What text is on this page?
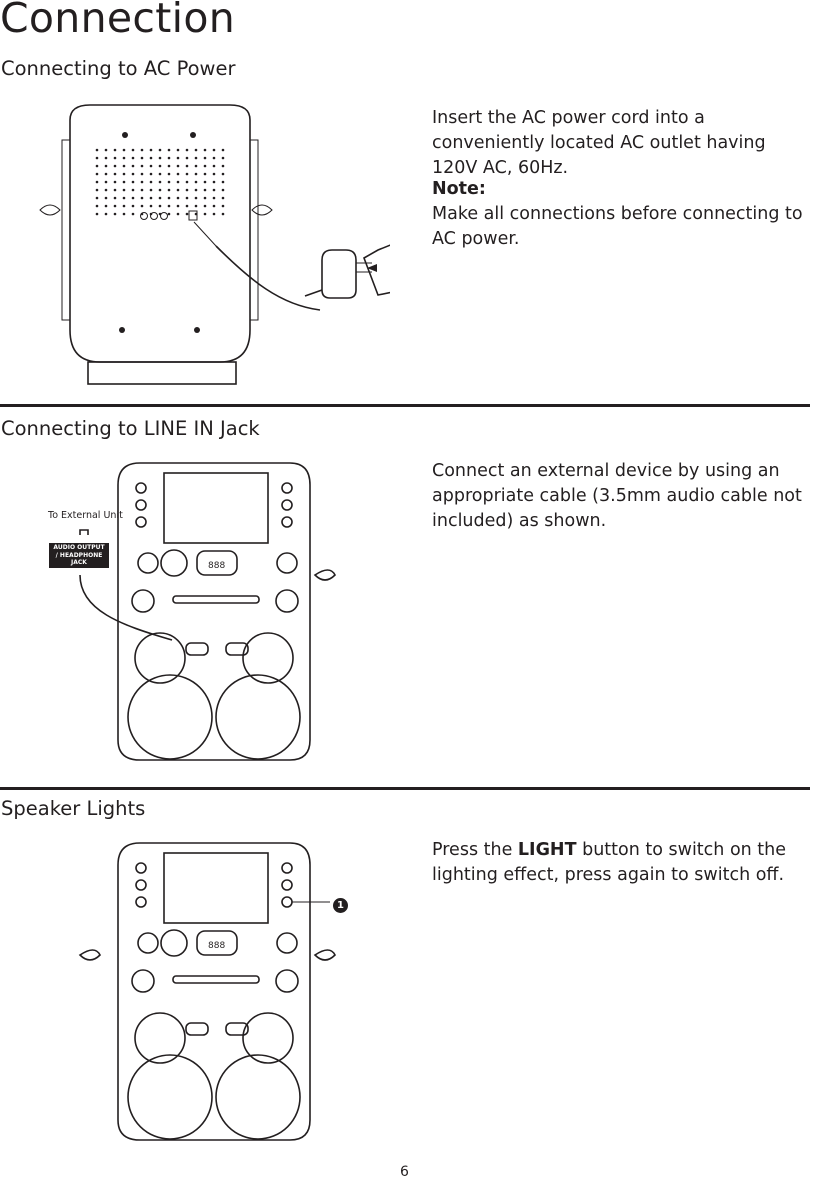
Connection
Connecting to AC Power
Insert the AC power cord into a conveniently located AC outlet having 120V AC, 60Hz.
Note:
Make all connections before connecting to AC power.
Connecting to LINE IN Jack
888
To External Unit
AUDIO OUTPUT
/ HEADPHONE JACK
Connect an external device by using an appropriate cable (3.5mm audio cable not included) as shown.
Speaker Lights
888
1
Press the LIGHT button to switch on the lighting effect, press again to switch off.
6
